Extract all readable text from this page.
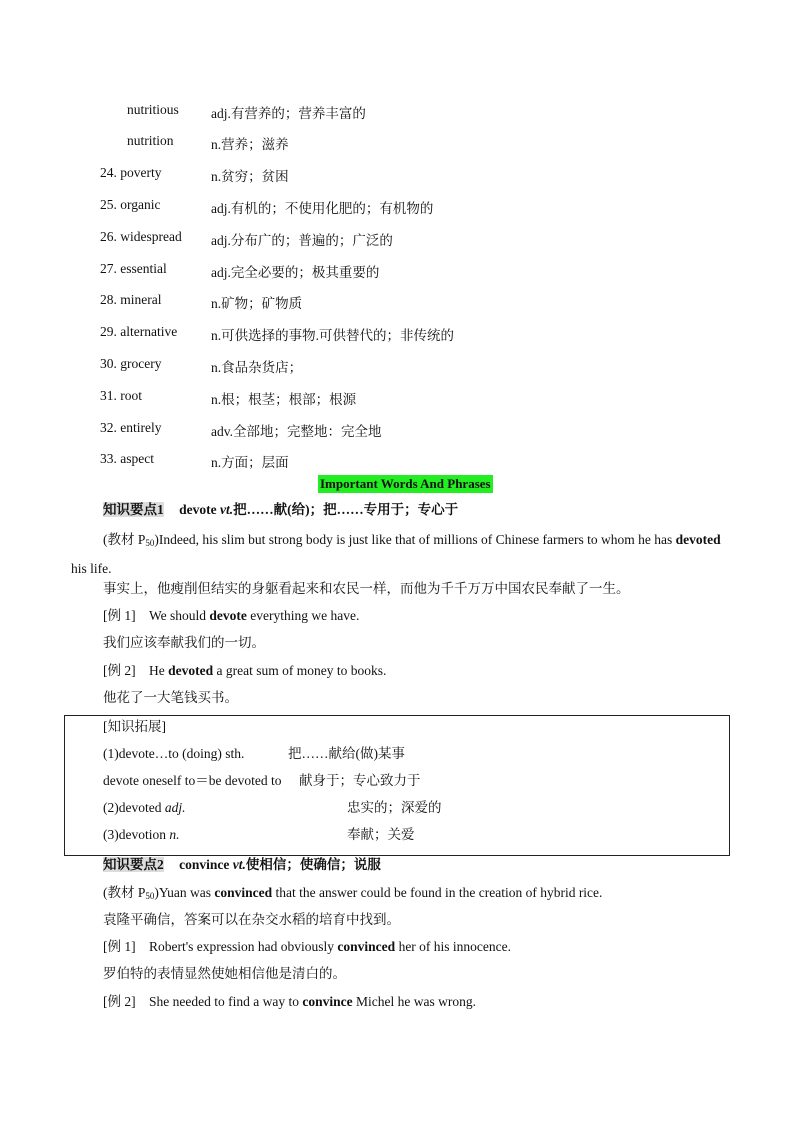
nutritious adj.有营养的；营养丰富的
nutrition	n.营养；滋养
24. poverty	n.贫穷；贫困
25. organic	adj.有机的；不使用化肥的；有机物的
26. widespread adj.分布广的；普遍的；广泛的
27. essential	adj.完全必要的；极其重要的
28. mineral	n.矿物；矿物质
29. alternative	n.可供选择的事物.可供替代的；非传统的
30. grocery	n.食品杂货店；
31. root	n.根；根茎；根部；根源
32. entirely	adv.全部地；完整地：完全地
33. aspect	n.方面；层面
Important Words And Phrases
知识要点1 devote vt.把……献(给)；把……专用于；专心于
(教材 $P_{50})Indeed$, his slim but strong body is just like that of millions of Chinese farmers to whom he has devoted his life.
事实上，他瘦削但结实的身躯看起来和农民一样，而他为千千万万中国农民奉献了一生。
[例 1] We should devote everything we have.
我们应该奉献我们的一切。
[例 2] He devoted a great sum of money to books.
他花了一大笔钱买书。
[知识拓展]
(1)devote…to (doing) sth.	把……献给(做)某事
devote oneself to＝be devoted to 献身于；专心致力于
(2)devoted adj.	忠实的；深爱的
(3)devotion n.	奉献；关爱
知识要点2 convince vt.使相信；使确信；说服
(教材 $P_{50})Yuan$ was convinced that the answer could be found in the creation of hybrid rice.
袁隆平确信，答案可以在杂交水稻的培育中找到。
[例 1] Robert's expression had obviously convinced her of his innocence.
罗伯特的表情显然使她相信他是清白的。
[例 2] She needed to find a way to convince Michel he was wrong.
